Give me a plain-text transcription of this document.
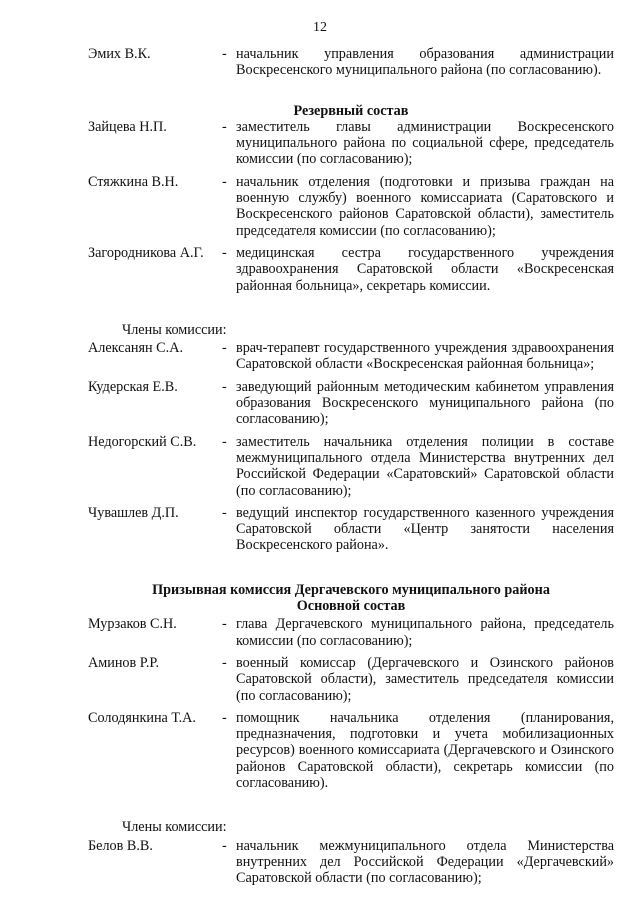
12
Эмих В.К.	- начальник управления образования администрации Воскресенского муниципального района (по согласованию).
Резервный состав
Зайцева Н.П.	- заместитель главы администрации Воскресенского муниципального района по социальной сфере, председатель комиссии (по согласованию);
Стяжкина В.Н.	- начальник отделения (подготовки и призыва граждан на военную службу) военного комиссариата (Саратовского и Воскресенского районов Саратовской области), заместитель председателя комиссии (по согласованию);
Загородникова А.Г.	- медицинская сестра государственного учреждения здравоохранения Саратовской области «Воскресенская районная больница», секретарь комиссии.
Члены комиссии:
Алексанян С.А.	- врач-терапевт государственного учреждения здравоохранения Саратовской области «Воскресенская районная больница»;
Кудерская Е.В.	- заведующий районным методическим кабинетом управления образования Воскресенского муниципального района (по согласованию);
Недогорский С.В.	- заместитель начальника отделения полиции в составе межмуниципального отдела Министерства внутренних дел Российской Федерации «Саратовский» Саратовской области (по согласованию);
Чувашлев Д.П.	- ведущий инспектор государственного казенного учреждения Саратовской области «Центр занятости населения Воскресенского района».
Призывная комиссия Дергачевского муниципального района
Основной состав
Мурзаков С.Н.	- глава Дергачевского муниципального района, председатель комиссии (по согласованию);
Аминов Р.Р.	- военный комиссар (Дергачевского и Озинского районов Саратовской области), заместитель председателя комиссии (по согласованию);
Солодянкина Т.А.	- помощник начальника отделения (планирования, предназначения, подготовки и учета мобилизационных ресурсов) военного комиссариата (Дергачевского и Озинского районов Саратовской области), секретарь комиссии (по согласованию).
Члены комиссии:
Белов В.В.	- начальник межмуниципального отдела Министерства внутренних дел Российской Федерации «Дергачевский» Саратовской области (по согласованию);
